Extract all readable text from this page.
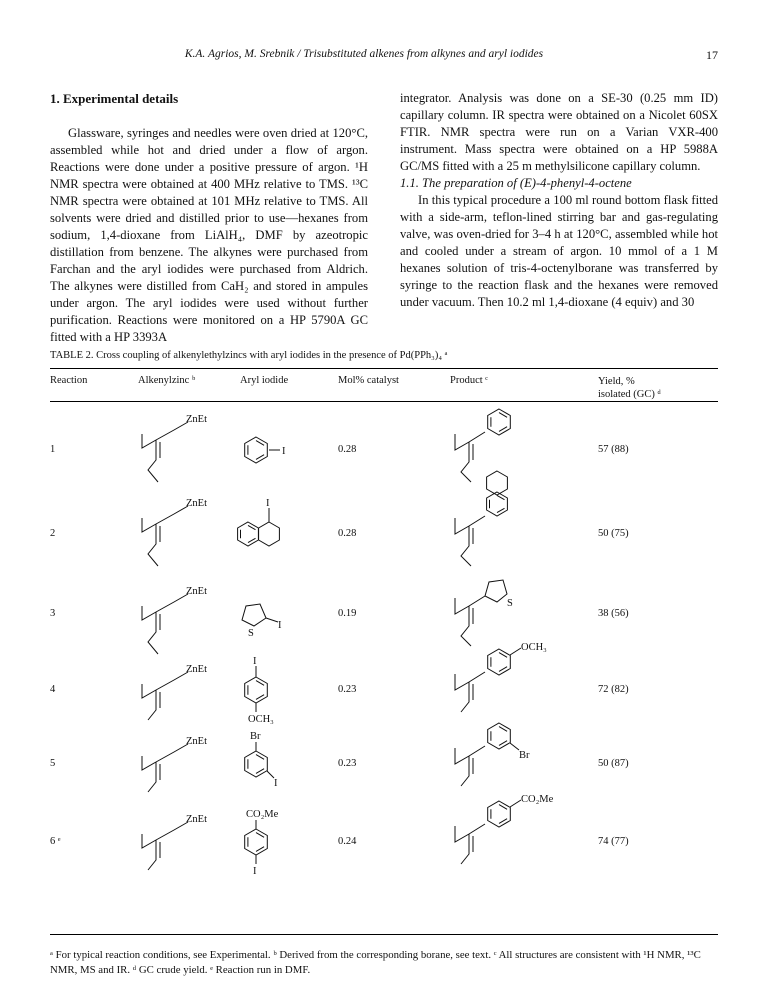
K.A. Agrios, M. Srebnik / Trisubstituted alkenes from alkynes and aryl iodides	17
1. Experimental details

Glassware, syringes and needles were oven dried at 120°C, assembled while hot and dried under a flow of argon. Reactions were done under a positive pressure of argon. ¹H NMR spectra were obtained at 400 MHz relative to TMS. ¹³C NMR spectra were obtained at 101 MHz relative to TMS. All solvents were dried and distilled prior to use—hexanes from sodium, 1,4-dioxane from LiAlH₄, DMF by azeotropic distillation from benzene. The alkynes were purchased from Farchan and the aryl iodides were purchased from Aldrich. The alkynes were distilled from CaH₂ and stored in ampules under argon. The aryl iodides were used without further purification. Reactions were monitored on a HP 5790A GC fitted with a HP 3393A

integrator. Analysis was done on a SE-30 (0.25 mm ID) capillary column. IR spectra were obtained on a Nicolet 60SX FTIR. NMR spectra were run on a Varian VXR-400 instrument. Mass spectra were obtained on a HP 5988A GC/MS fitted with a 25 m methylsilicone capillary column.

1.1. The preparation of (E)-4-phenyl-4-octene

In this typical procedure a 100 ml round bottom flask fitted with a side-arm, teflon-lined stirring bar and gas-regulating valve, was oven-dried for 3–4 h at 120°C, assembled while hot and cooled under a stream of argon. 10 mmol of a 1 M hexanes solution of tris-4-octenylborane was transferred by syringe to the reaction flask and the hexanes were removed under vacuum. Then 10.2 ml 1,4-dioxane (4 equiv) and 30

TABLE 2. Cross coupling of alkenylethylzincs with aryl iodides in the presence of Pd(PPh₃)₄ ᵃ
Reaction	Alkenylzinc ᵇ	Aryl iodide	Mol% catalyst	Product ᶜ	Yield, %
isolated (GC) ᵈ
1	0.28	57 (88)
ZnEt
I
2	0.28	50 (75)
ZnEt	I
3	0.19	38 (56)
ZnEt
S
I
S
4	0.23	72 (82)
ZnEt
I
OCH₃
OCH₃
5	0.23	50 (87)
ZnEt	Br
I
Br
6 ᵉ	0.24	74 (77)
ZnEt	CO₂Me
I
CO₂Me
ᵃ For typical reaction conditions, see Experimental. ᵇ Derived from the corresponding borane, see text. ᶜ All structures are consistent with ¹H NMR, ¹³C NMR, MS and IR. ᵈ GC crude yield. ᵉ Reaction run in DMF.
